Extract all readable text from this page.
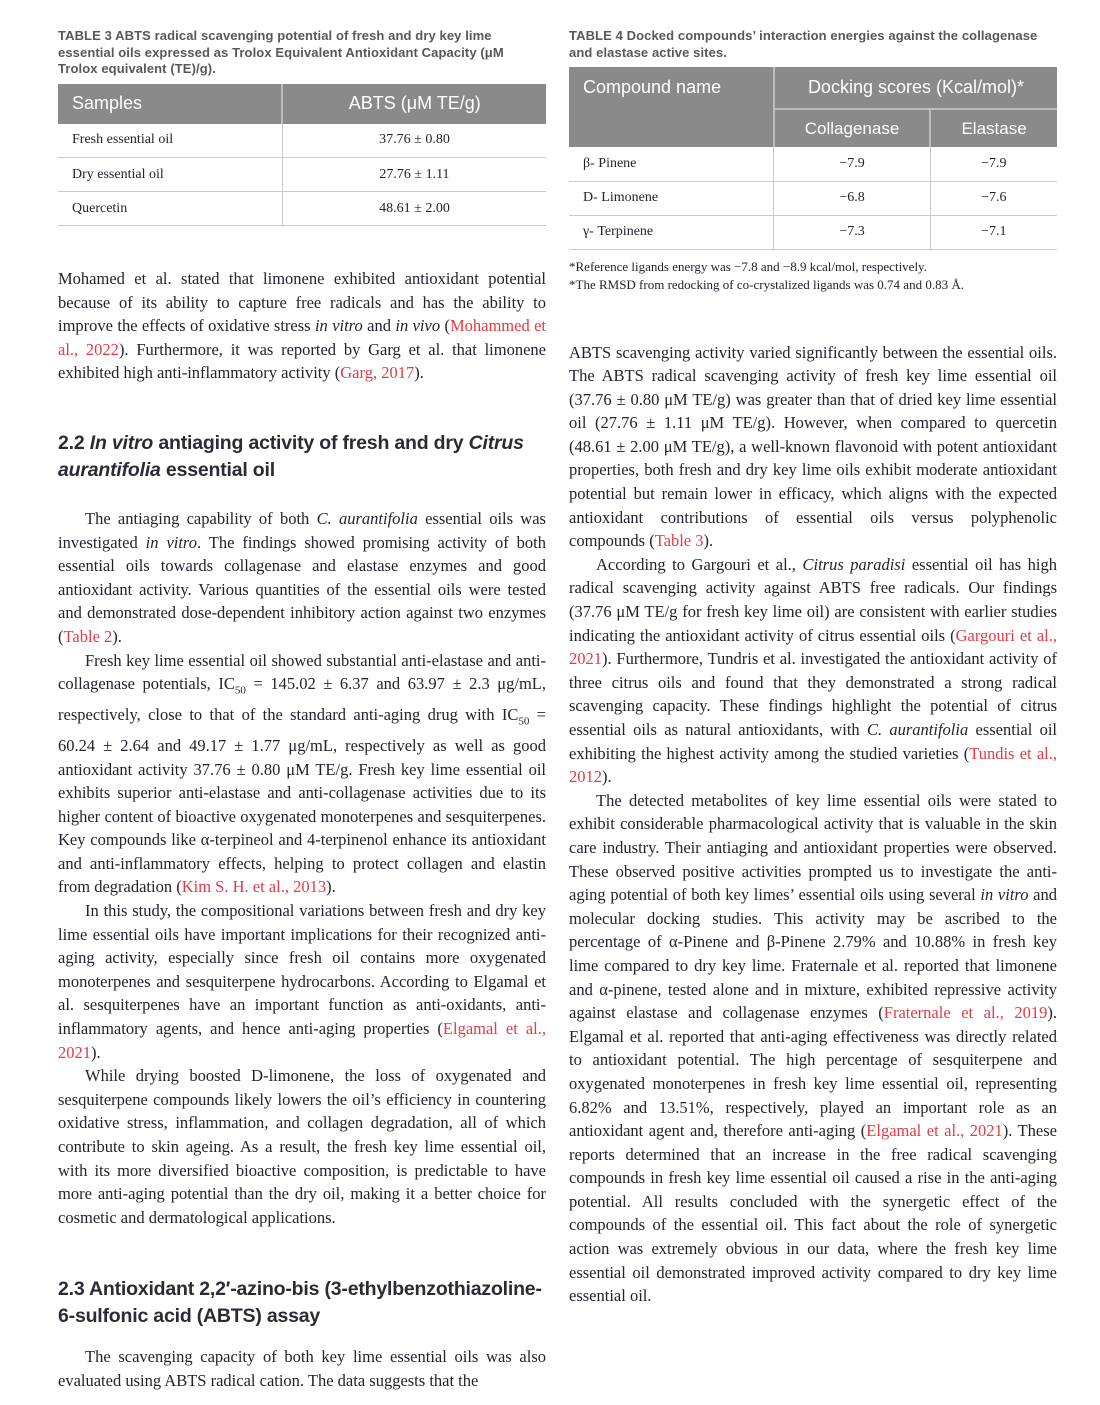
TABLE 3 ABTS radical scavenging potential of fresh and dry key lime essential oils expressed as Trolox Equivalent Antioxidant Capacity (μM Trolox equivalent (TE)/g).
Samples	ABTS (μM TE/g)
Fresh essential oil	37.76 ± 0.80
Dry essential oil	27.76 ± 1.11
Quercetin	48.61 ± 2.00

Mohamed et al. stated that limonene exhibited antioxidant potential because of its ability to capture free radicals and has the ability to improve the effects of oxidative stress in vitro and in vivo (Mohammed et al., 2022). Furthermore, it was reported by Garg et al. that limonene exhibited high anti-inflammatory activity (Garg, 2017).

2.2 In vitro antiaging activity of fresh and dry Citrus aurantifolia essential oil

The antiaging capability of both C. aurantifolia essential oils was investigated in vitro. The findings showed promising activity of both essential oils towards collagenase and elastase enzymes and good antioxidant activity. Various quantities of the essential oils were tested and demonstrated dose-dependent inhibitory action against two enzymes (Table 2).

Fresh key lime essential oil showed substantial anti-elastase and anti-collagenase potentials, $IC_{50} = 145.02 \pm 6.37$ and 63.97 ± 2.3 μg/mL, respectively, close to that of the standard anti-aging drug with $IC_{50} = 60.24 \pm 2.64$ and 49.17 ± 1.77 μg/mL, respectively as well as good antioxidant activity 37.76 ± 0.80 μM TE/g. Fresh key lime essential oil exhibits superior anti-elastase and anti-collagenase activities due to its higher content of bioactive oxygenated monoterpenes and sesquiterpenes. Key compounds like α-terpineol and 4-terpinenol enhance its antioxidant and anti-inflammatory effects, helping to protect collagen and elastin from degradation (Kim S. H. et al., 2013).

In this study, the compositional variations between fresh and dry key lime essential oils have important implications for their recognized anti-aging activity, especially since fresh oil contains more oxygenated monoterpenes and sesquiterpene hydrocarbons. According to Elgamal et al. sesquiterpenes have an important function as anti-oxidants, anti-inflammatory agents, and hence anti-aging properties (Elgamal et al., 2021).

While drying boosted D-limonene, the loss of oxygenated and sesquiterpene compounds likely lowers the oil’s efficiency in countering oxidative stress, inflammation, and collagen degradation, all of which contribute to skin ageing. As a result, the fresh key lime essential oil, with its more diversified bioactive composition, is predictable to have more anti-aging potential than the dry oil, making it a better choice for cosmetic and dermatological applications.

2.3 Antioxidant 2,2′-azino-bis (3-ethylbenzothiazoline-6-sulfonic acid (ABTS) assay

The scavenging capacity of both key lime essential oils was also evaluated using ABTS radical cation. The data suggests that the

TABLE 4 Docked compounds’ interaction energies against the collagenase and elastase active sites.
Compound name	Docking scores (Kcal/mol)*	
	Collagenase	Elastase
β- Pinene	−7.9	−7.9
D- Limonene	−6.8	−7.6
γ- Terpinene	−7.3	−7.1
*Reference ligands energy was −7.8 and −8.9 kcal/mol, respectively.
*The RMSD from redocking of co-crystalized ligands was 0.74 and 0.83 Å.

ABTS scavenging activity varied significantly between the essential oils. The ABTS radical scavenging activity of fresh key lime essential oil (37.76 ± 0.80 μM TE/g) was greater than that of dried key lime essential oil (27.76 ± 1.11 μM TE/g). However, when compared to quercetin (48.61 ± 2.00 μM TE/g), a well-known flavonoid with potent antioxidant properties, both fresh and dry key lime oils exhibit moderate antioxidant potential but remain lower in efficacy, which aligns with the expected antioxidant contributions of essential oils versus polyphenolic compounds (Table 3).

According to Gargouri et al., Citrus paradisi essential oil has high radical scavenging activity against ABTS free radicals. Our findings (37.76 μM TE/g for fresh key lime oil) are consistent with earlier studies indicating the antioxidant activity of citrus essential oils (Gargouri et al., 2021). Furthermore, Tundris et al. investigated the antioxidant activity of three citrus oils and found that they demonstrated a strong radical scavenging capacity. These findings highlight the potential of citrus essential oils as natural antioxidants, with C. aurantifolia essential oil exhibiting the highest activity among the studied varieties (Tundis et al., 2012).

The detected metabolites of key lime essential oils were stated to exhibit considerable pharmacological activity that is valuable in the skin care industry. Their antiaging and antioxidant properties were observed. These observed positive activities prompted us to investigate the anti-aging potential of both key limes’ essential oils using several in vitro and molecular docking studies. This activity may be ascribed to the percentage of α-Pinene and β-Pinene 2.79% and 10.88% in fresh key lime compared to dry key lime. Fraternale et al. reported that limonene and α-pinene, tested alone and in mixture, exhibited repressive activity against elastase and collagenase enzymes (Fraternale et al., 2019). Elgamal et al. reported that anti-aging effectiveness was directly related to antioxidant potential. The high percentage of sesquiterpene and oxygenated monoterpenes in fresh key lime essential oil, representing 6.82% and 13.51%, respectively, played an important role as an antioxidant agent and, therefore anti-aging (Elgamal et al., 2021). These reports determined that an increase in the free radical scavenging compounds in fresh key lime essential oil caused a rise in the anti-aging potential. All results concluded with the synergetic effect of the compounds of the essential oil. This fact about the role of synergetic action was extremely obvious in our data, where the fresh key lime essential oil demonstrated improved activity compared to dry key lime essential oil.
